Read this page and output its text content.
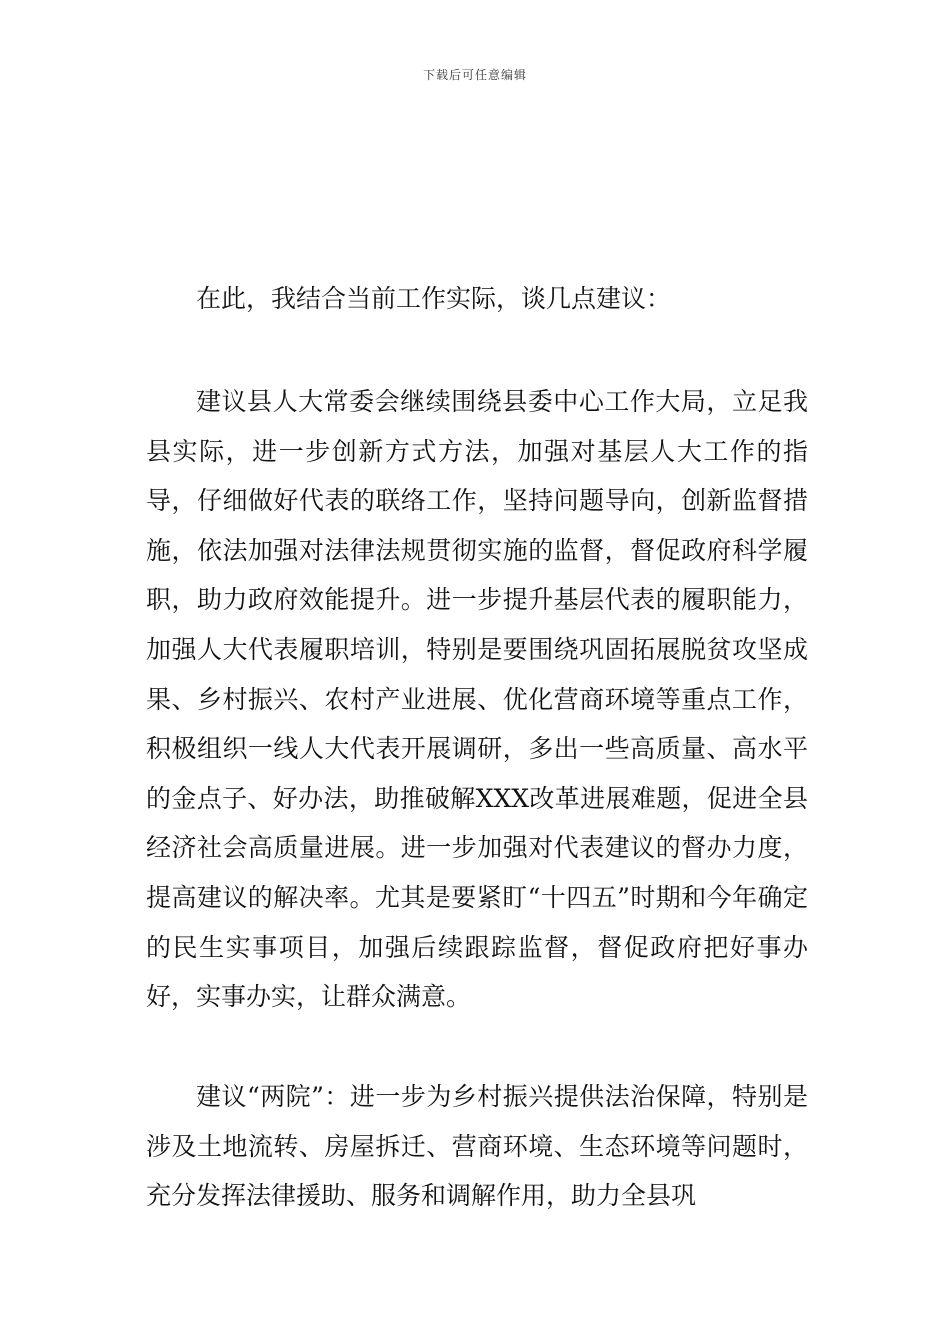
下载后可任意编辑

在此，我结合当前工作实际，谈几点建议：

建议县人大常委会继续围绕县委中心工作大局，立足我县实际，进一步创新方式方法，加强对基层人大工作的指导，仔细做好代表的联络工作，坚持问题导向，创新监督措施，依法加强对法律法规贯彻实施的监督，督促政府科学履职，助力政府效能提升。进一步提升基层代表的履职能力，加强人大代表履职培训，特别是要围绕巩固拓展脱贫攻坚成果、乡村振兴、农村产业进展、优化营商环境等重点工作，积极组织一线人大代表开展调研，多出一些高质量、高水平的金点子、好办法，助推破解XXX改革进展难题，促进全县经济社会高质量进展。进一步加强对代表建议的督办力度，提高建议的解决率。尤其是要紧盯“十四五”时期和今年确定的民生实事项目，加强后续跟踪监督，督促政府把好事办好，实事办实，让群众满意。

建议“两院”：进一步为乡村振兴提供法治保障，特别是涉及土地流转、房屋拆迁、营商环境、生态环境等问题时，充分发挥法律援助、服务和调解作用，助力全县巩
